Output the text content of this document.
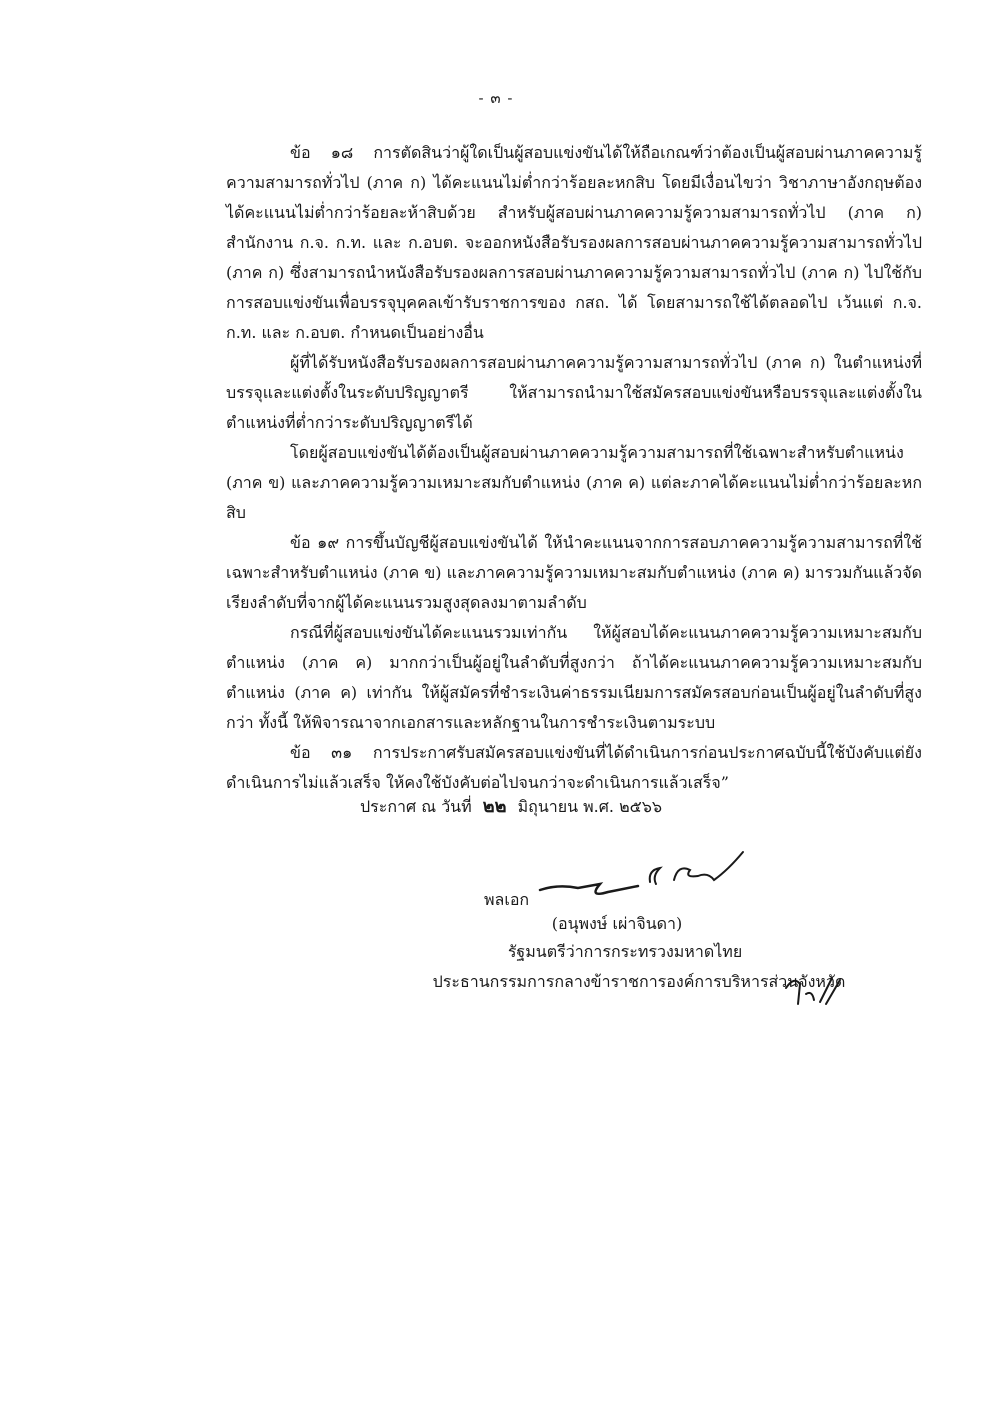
- ๓ -

ข้อ ๑๘ การตัดสินว่าผู้ใดเป็นผู้สอบแข่งขันได้ให้ถือเกณฑ์ว่าต้องเป็นผู้สอบผ่านภาคความรู้ความสามารถทั่วไป (ภาค ก) ได้คะแนนไม่ต่ำกว่าร้อยละหกสิบ โดยมีเงื่อนไขว่า วิชาภาษาอังกฤษต้องได้คะแนนไม่ต่ำกว่าร้อยละห้าสิบด้วย สำหรับผู้สอบผ่านภาคความรู้ความสามารถทั่วไป (ภาค ก) สำนักงาน ก.จ. ก.ท. และ ก.อบต. จะออกหนังสือรับรองผลการสอบผ่านภาคความรู้ความสามารถทั่วไป (ภาค ก) ซึ่งสามารถนำหนังสือรับรองผลการสอบผ่านภาคความรู้ความสามารถทั่วไป (ภาค ก) ไปใช้กับการสอบแข่งขันเพื่อบรรจุบุคคลเข้ารับราชการของ กสถ. ได้ โดยสามารถใช้ได้ตลอดไป เว้นแต่ ก.จ. ก.ท. และ ก.อบต. กำหนดเป็นอย่างอื่น

ผู้ที่ได้รับหนังสือรับรองผลการสอบผ่านภาคความรู้ความสามารถทั่วไป (ภาค ก) ในตำแหน่งที่บรรจุและแต่งตั้งในระดับปริญญาตรี ให้สามารถนำมาใช้สมัครสอบแข่งขันหรือบรรจุและแต่งตั้งในตำแหน่งที่ต่ำกว่าระดับปริญญาตรีได้

โดยผู้สอบแข่งขันได้ต้องเป็นผู้สอบผ่านภาคความรู้ความสามารถที่ใช้เฉพาะสำหรับตำแหน่ง (ภาค ข) และภาคความรู้ความเหมาะสมกับตำแหน่ง (ภาค ค) แต่ละภาคได้คะแนนไม่ต่ำกว่าร้อยละหกสิบ

ข้อ ๑๙ การขึ้นบัญชีผู้สอบแข่งขันได้ ให้นำคะแนนจากการสอบภาคความรู้ความสามารถที่ใช้เฉพาะสำหรับตำแหน่ง (ภาค ข) และภาคความรู้ความเหมาะสมกับตำแหน่ง (ภาค ค) มารวมกันแล้วจัดเรียงลำดับที่จากผู้ได้คะแนนรวมสูงสุดลงมาตามลำดับ

กรณีที่ผู้สอบแข่งขันได้คะแนนรวมเท่ากัน ให้ผู้สอบได้คะแนนภาคความรู้ความเหมาะสมกับตำแหน่ง (ภาค ค) มากกว่าเป็นผู้อยู่ในลำดับที่สูงกว่า ถ้าได้คะแนนภาคความรู้ความเหมาะสมกับตำแหน่ง (ภาค ค) เท่ากัน ให้ผู้สมัครที่ชำระเงินค่าธรรมเนียมการสมัครสอบก่อนเป็นผู้อยู่ในลำดับที่สูงกว่า ทั้งนี้ ให้พิจารณาจากเอกสารและหลักฐานในการชำระเงินตามระบบ

ข้อ ๓๑ การประกาศรับสมัครสอบแข่งขันที่ได้ดำเนินการก่อนประกาศฉบับนี้ใช้บังคับแต่ยังดำเนินการไม่แล้วเสร็จ ให้คงใช้บังคับต่อไปจนกว่าจะดำเนินการแล้วเสร็จ”

ประกาศ ณ วันที่ ๒๒ มิถุนายน พ.ศ. ๒๕๖๖
พลเอก
(อนุพงษ์ เผ่าจินดา)
รัฐมนตรีว่าการกระทรวงมหาดไทย
ประธานกรรมการกลางข้าราชการองค์การบริหารส่วนจังหวัด
